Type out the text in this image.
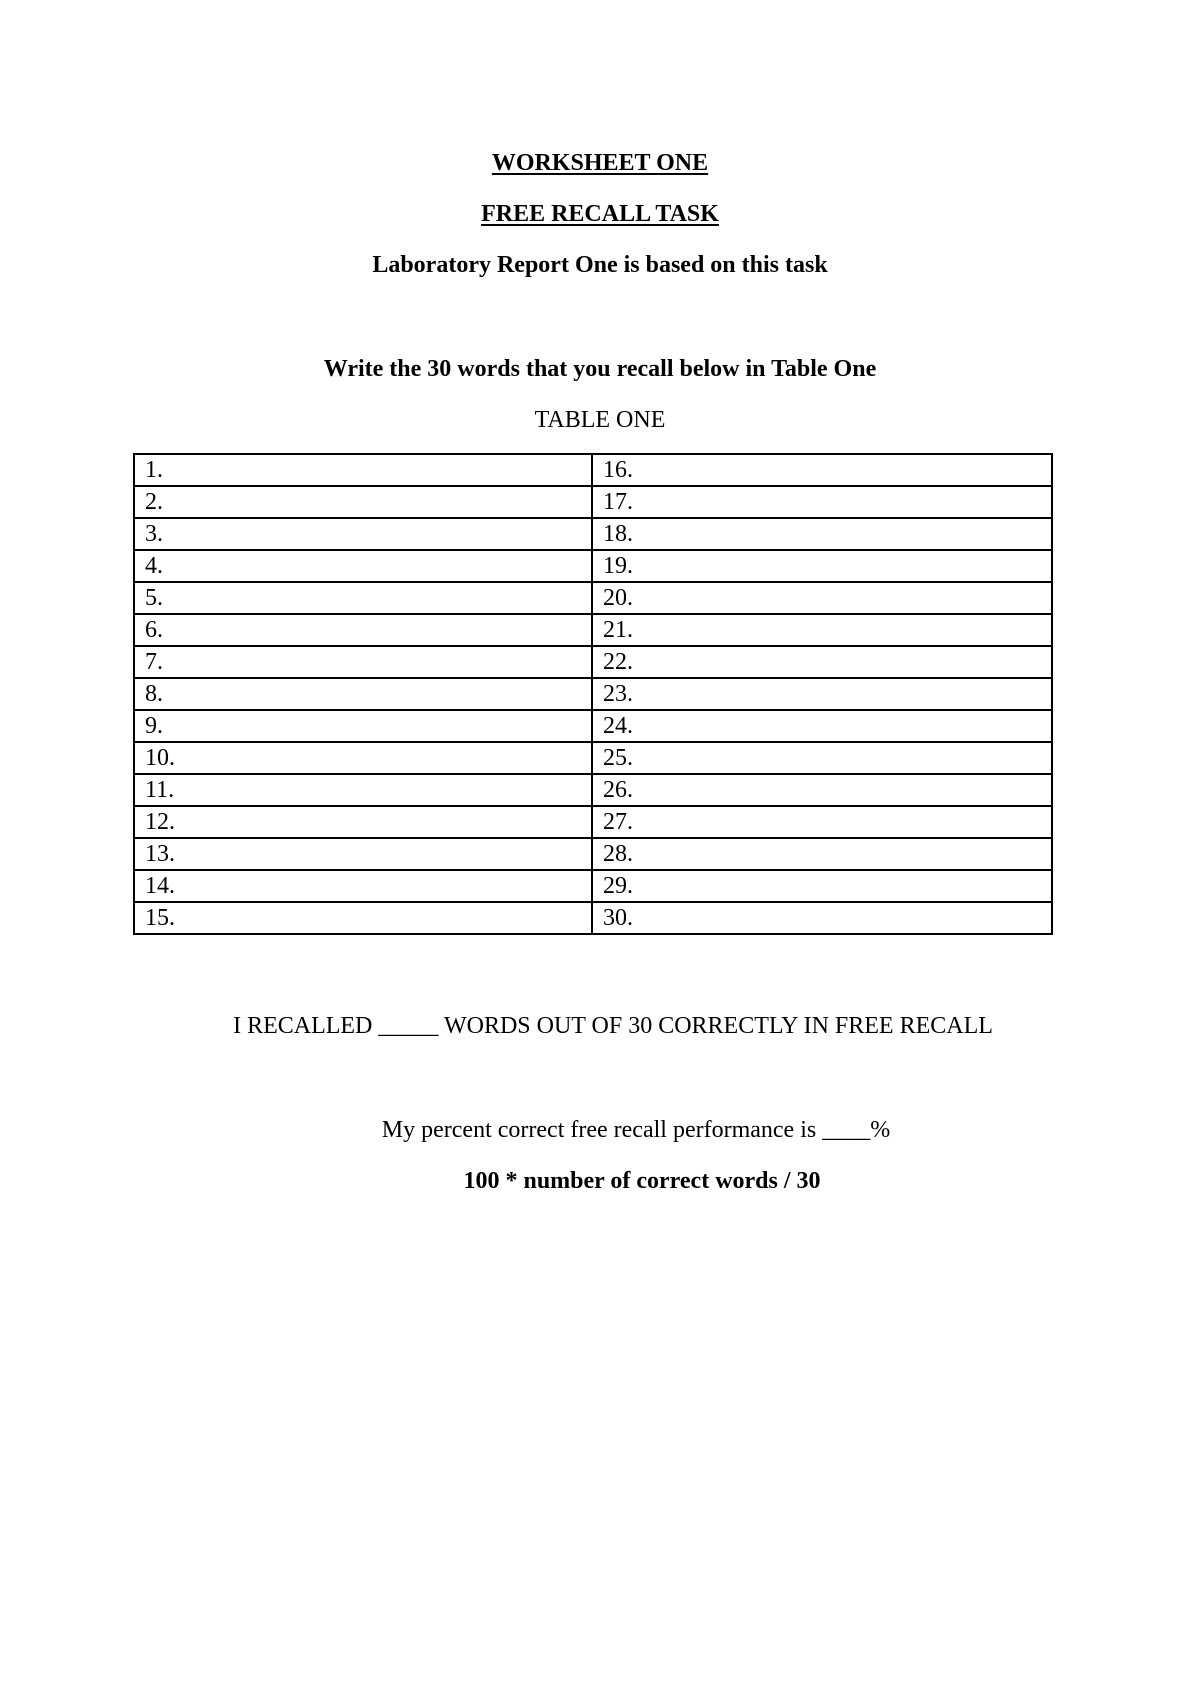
WORKSHEET ONE
FREE RECALL TASK
Laboratory Report One is based on this task
Write the 30 words that you recall below in Table One
TABLE ONE
1.	16.
2.	17.
3.	18.
4.	19.
5.	20.
6.	21.
7.	22.
8.	23.
9.	24.
10.	25.
11.	26.
12.	27.
13.	28.
14.	29.
15.	30.
I RECALLED _____ WORDS OUT OF 30 CORRECTLY IN FREE RECALL
My percent correct free recall performance is ____%
100 * number of correct words / 30
